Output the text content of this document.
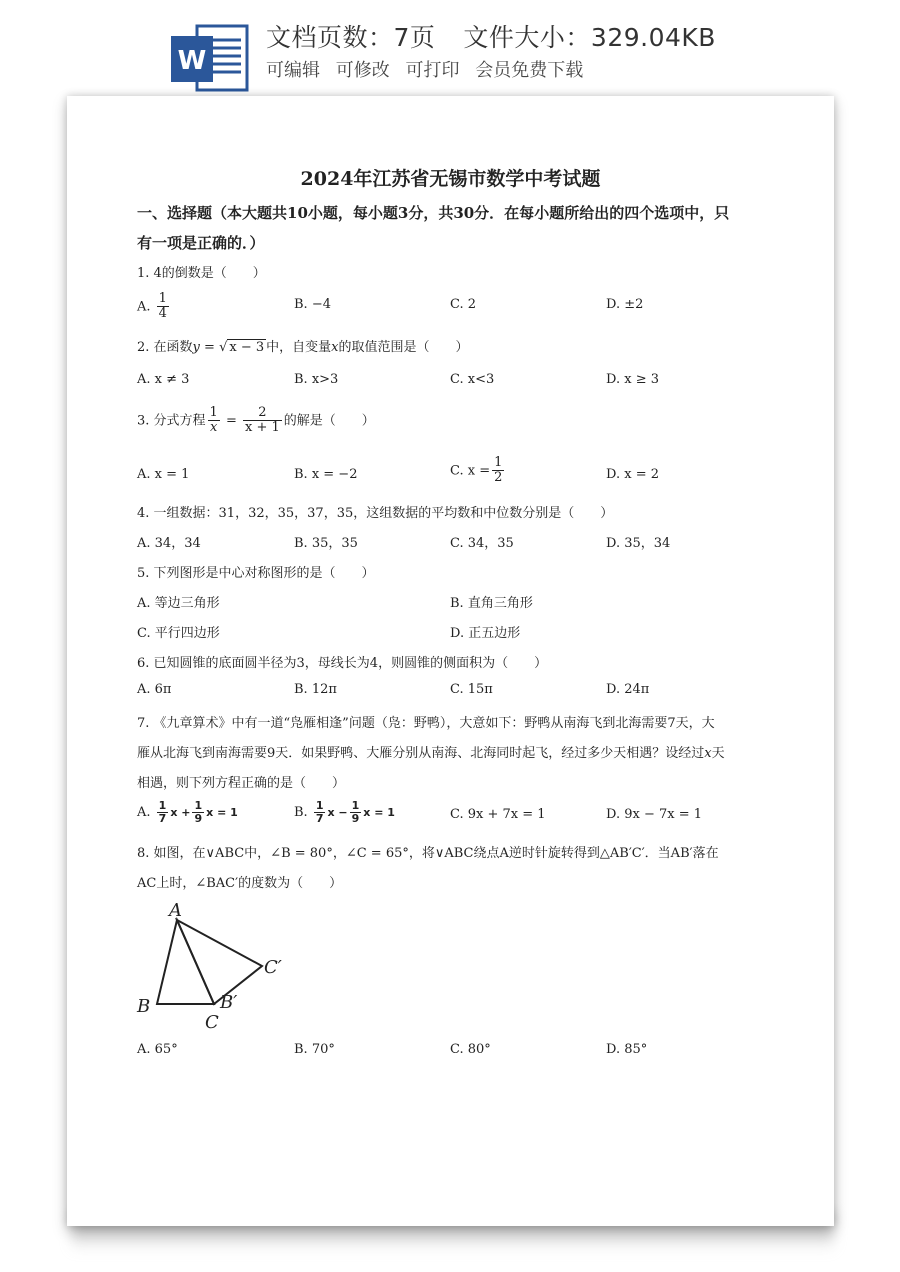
W
文档页数：7页 文件大小：329.04KB
可编辑 可修改 可打印 会员免费下载
2024年江苏省无锡市数学中考试题
一、选择题（本大题共10小题，每小题3分，共30分．在每小题所给出的四个选项中，只
有一项是正确的．）
1. 4的倒数是（　　）
A. $\frac{1}{4}$	B. −4	C. 2	D. ±2
2. 在函数y = √ x − 3 中，自变量x的取值范围是（　　）
A. x ≠ 3	B. x>3	C. x<3	D. x ≥ 3
3. 分式方程 $\frac{1}{x} = \frac{2}{x + 1}$ 的解是（　　）
A. x = 1	B. x = −2	C. $x = \frac{1}{2}$	D. x = 2
4. 一组数据：31，32，35，37，35，这组数据的平均数和中位数分别是（　　）
A. 34，34	B. 35，35	C. 34，35	D. 35，34
5. 下列图形是中心对称图形的是（　　）
A. 等边三角形	B. 直角三角形
C. 平行四边形	D. 正五边形
6. 已知圆锥的底面圆半径为3，母线长为4，则圆锥的侧面积为（　　）
A. 6π	B. 12π	C. 15π	D. 24π
7. 《九章算术》中有一道“凫雁相逢”问题（凫：野鸭），大意如下：野鸭从南海飞到北海需要7天，大
雁从北海飞到南海需要9天．如果野鸭、大雁分别从南海、北海同时起飞，经过多少天相遇？设经过x天
相遇，则下列方程正确的是（　　）
A. $\frac{1}{7}$ $x + \frac{1}{9}$ x = 1	B. $\frac{1}{7}$ $x - \frac{1}{9}$ x = 1	C. 9x + 7x = 1	D. 9x − 7x = 1
8. 如图，在∨ABC中，∠B = 80°，∠C = 65°，将∨ABC绕点A逆时针旋转得到△AB′C′．当AB′落在
AC上时，∠BAC′的度数为（　　）
A
B
C
B′
C′
A. 65°	B. 70°	C. 80°	D. 85°
